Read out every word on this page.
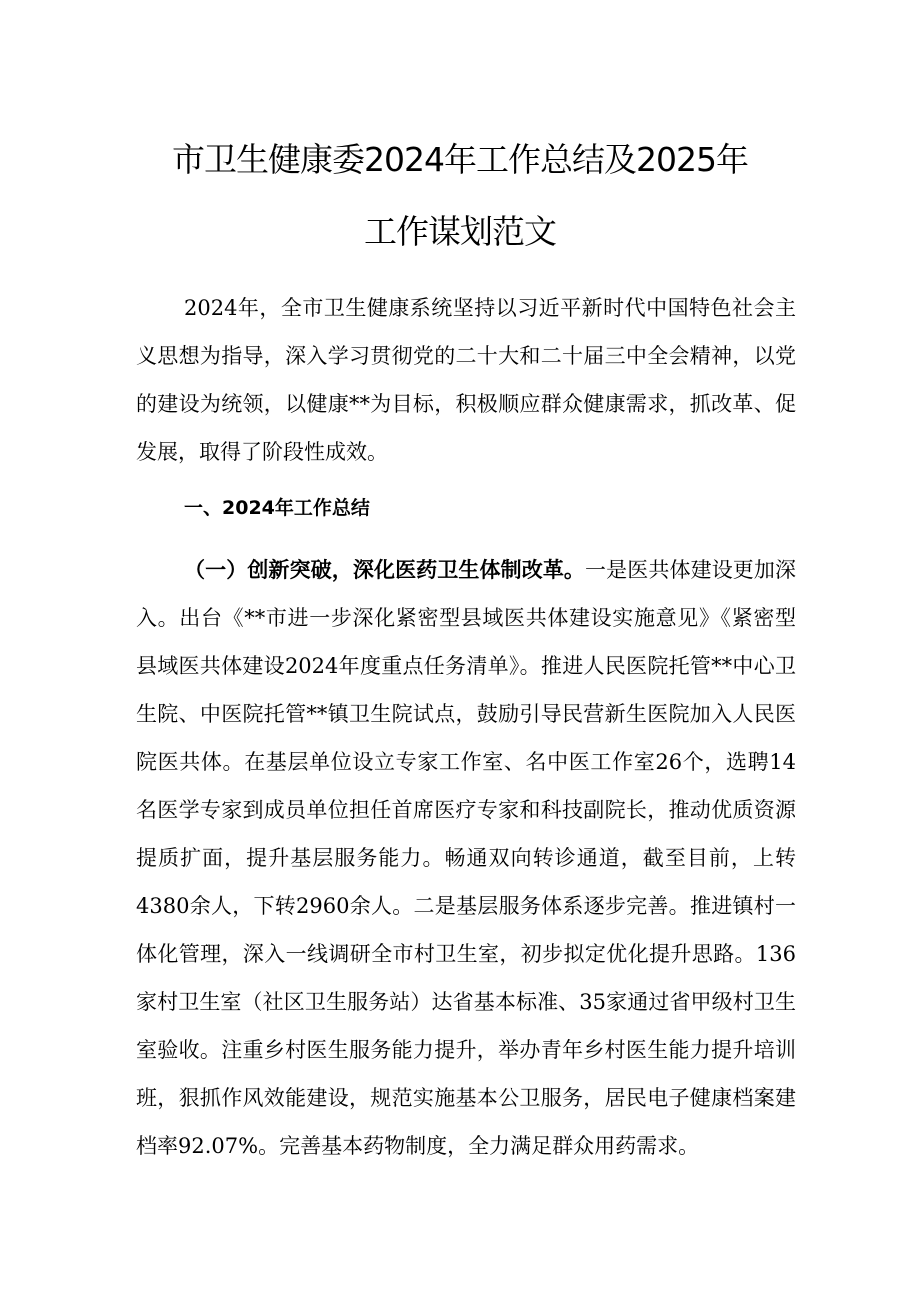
市卫生健康委2024年工作总结及2025年
工作谋划范文
2024年，全市卫生健康系统坚持以习近平新时代中国特色社会主义思想为指导，深入学习贯彻党的二十大和二十届三中全会精神，以党的建设为统领，以健康**为目标，积极顺应群众健康需求，抓改革、促发展，取得了阶段性成效。
一、2024年工作总结
（一）创新突破，深化医药卫生体制改革。一是医共体建设更加深入。出台《**市进一步深化紧密型县域医共体建设实施意见》《紧密型县域医共体建设2024年度重点任务清单》。推进人民医院托管**中心卫生院、中医院托管**镇卫生院试点，鼓励引导民营新生医院加入人民医院医共体。在基层单位设立专家工作室、名中医工作室26个，选聘14名医学专家到成员单位担任首席医疗专家和科技副院长，推动优质资源提质扩面，提升基层服务能力。畅通双向转诊通道，截至目前，上转4380余人，下转2960余人。二是基层服务体系逐步完善。推进镇村一体化管理，深入一线调研全市村卫生室，初步拟定优化提升思路。136家村卫生室（社区卫生服务站）达省基本标准、35家通过省甲级村卫生室验收。注重乡村医生服务能力提升，举办青年乡村医生能力提升培训班，狠抓作风效能建设，规范实施基本公卫服务，居民电子健康档案建档率92.07%。完善基本药物制度，全力满足群众用药需求。
